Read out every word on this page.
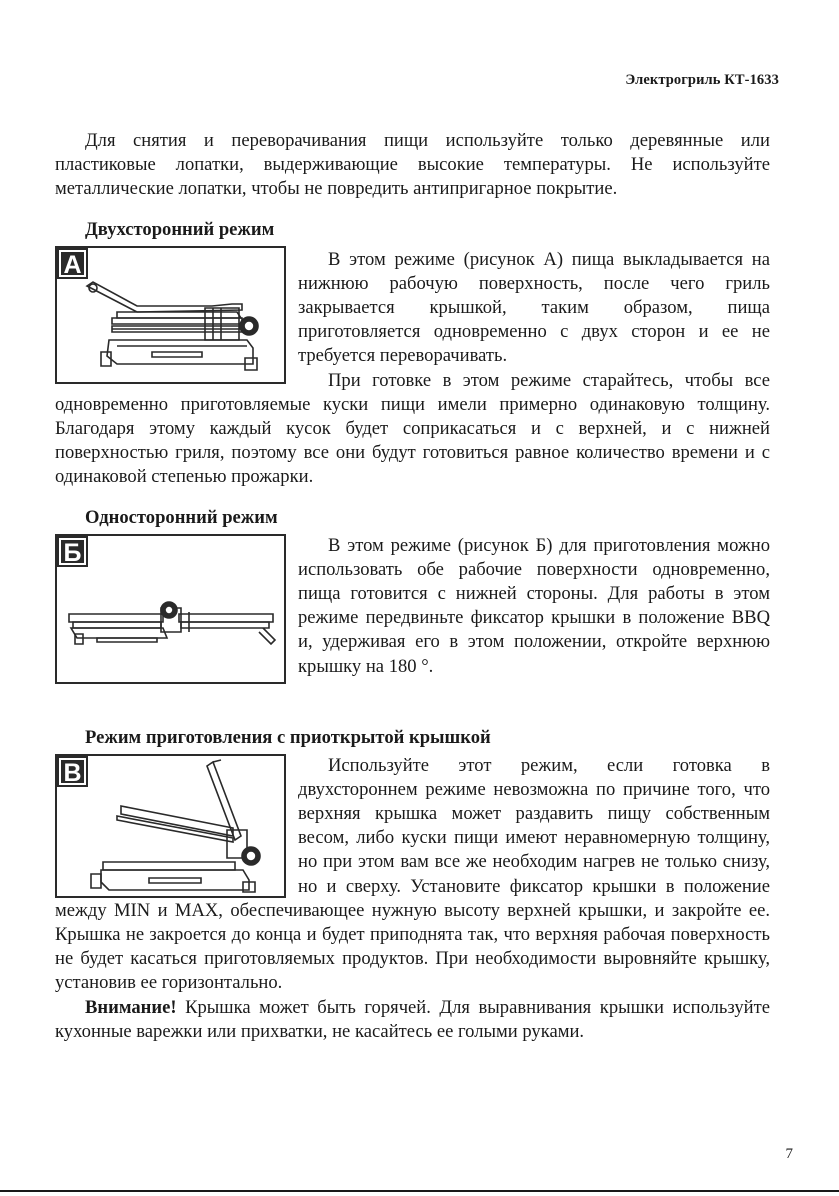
Электрогриль КТ-1633

Для снятия и переворачивания пищи используйте только деревянные или пластиковые лопатки, выдерживающие высокие температуры. Не используйте металлические лопатки, чтобы не повредить антипригарное покрытие.

Двухсторонний режим
А	В этом режиме (рисунок А) пища выкладывается на нижнюю рабочую поверхность, после чего гриль закрывается крышкой, таким образом, пища приготовляется одновременно с двух сторон и ее не требуется переворачивать.

При готовке в этом режиме старайтесь, чтобы все одновременно приготовляемые куски пищи имели примерно одинаковую толщину. Благодаря этому каждый кусок будет соприкасаться и с верхней, и с нижней поверхностью гриля, поэтому все они будут готовиться равное количество времени и с одинаковой степенью прожарки.

Односторонний режим
Б	В этом режиме (рисунок Б) для приготовления можно использовать обе рабочие поверхности одновременно, пища готовится с нижней стороны. Для работы в этом режиме передвиньте фиксатор крышки в положение BBQ и, удерживая его в этом положении, откройте верхнюю крышку на 180 °.

Режим приготовления с приоткрытой крышкой
В	Используйте этот режим, если готовка в двухстороннем режиме невозможна по причине того, что верхняя крышка может раздавить пищу собственным весом, либо куски пищи имеют неравномерную толщину, но при этом вам все же необходим нагрев не только снизу, но и сверху. Установите фиксатор крышки в положение между MIN и MAX, обеспечивающее нужную высоту верхней крышки, и закройте ее. Крышка не закроется до конца и будет приподнята так, что верхняя рабочая поверхность не будет касаться приготовляемых продуктов. При необходимости выровняйте крышку, установив ее горизонтально.

Внимание! Крышка может быть горячей. Для выравнивания крышки используйте кухонные варежки или прихватки, не касайтесь ее голыми руками.

7
